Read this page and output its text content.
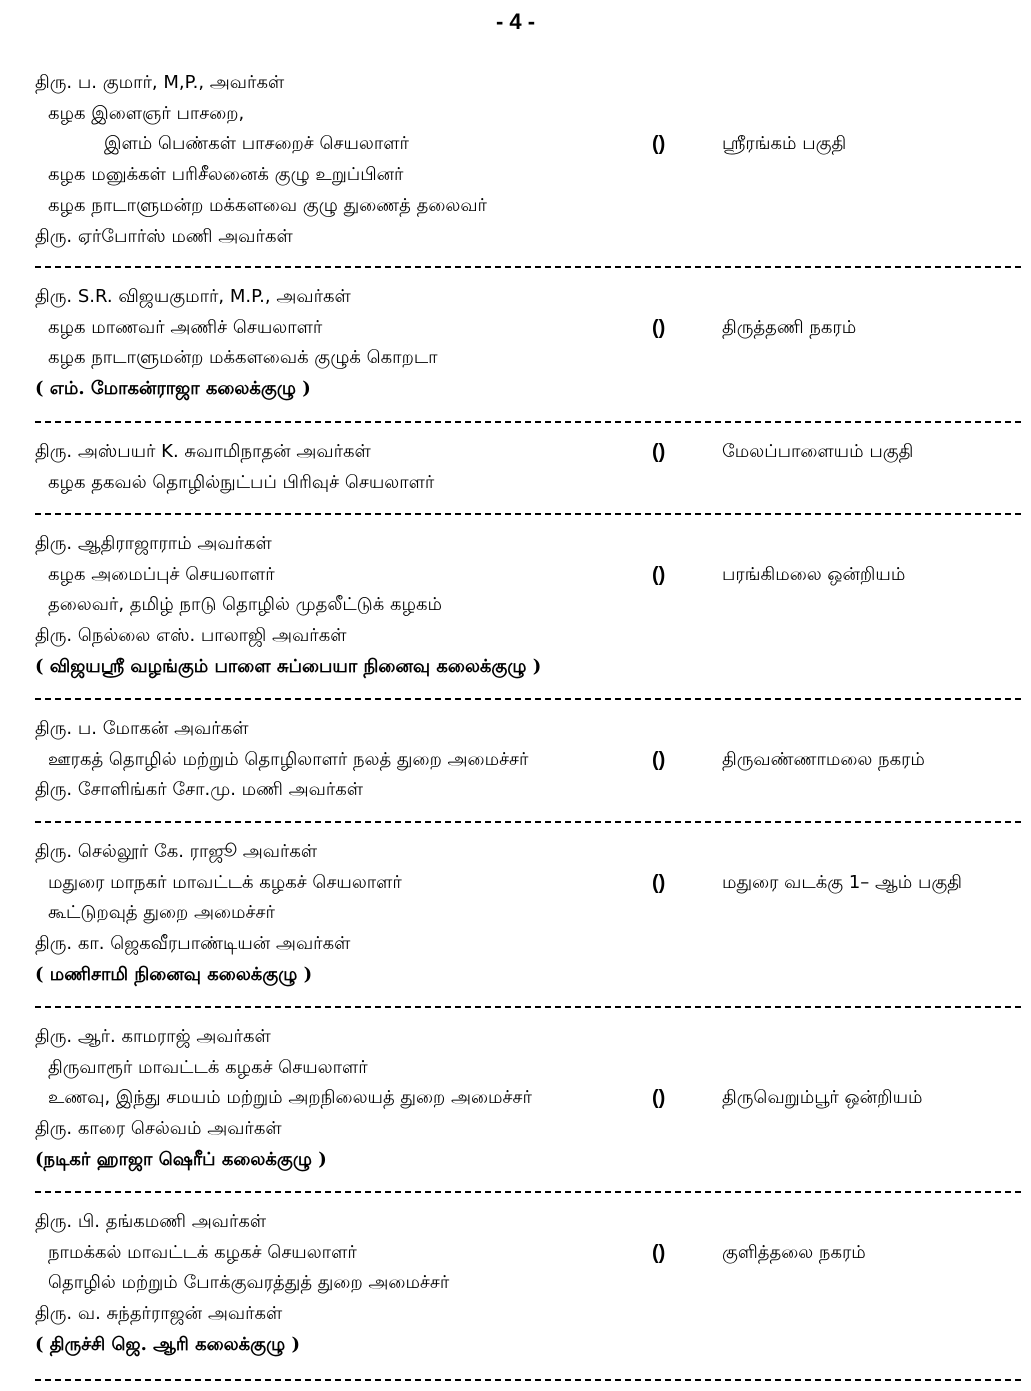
- 4 -
திரு. ப. குமார், M,P., அவர்கள்
கழக இளைஞர் பாசறை,
இளம் பெண்கள் பாசறைச் செயலாளர்
கழக மனுக்கள் பரிசீலனைக் குழு உறுப்பினர்
கழக நாடாளுமன்ற மக்களவை குழு துணைத் தலைவர்
திரு. ஏர்போர்ஸ் மணி அவர்கள்
()	ஸ்ரீரங்கம் பகுதி
திரு. S.R. விஜயகுமார், M.P., அவர்கள்
கழக மாணவர் அணிச் செயலாளர்
கழக நாடாளுமன்ற மக்களவைக் குழுக் கொறடா
( எம். மோகன்ராஜா கலைக்குழு )
()	திருத்தணி நகரம்
திரு. அஸ்பயர் K. சுவாமிநாதன் அவர்கள்
கழக தகவல் தொழில்நுட்பப் பிரிவுச் செயலாளர்
()	மேலப்பாளையம் பகுதி
திரு. ஆதிராஜாராம் அவர்கள்
கழக அமைப்புச் செயலாளர்
தலைவர், தமிழ் நாடு தொழில் முதலீட்டுக் கழகம்
திரு. நெல்லை எஸ். பாலாஜி அவர்கள்
( விஜயஸ்ரீ வழங்கும் பாளை சுப்பையா நினைவு கலைக்குழு )
()	பரங்கிமலை ஒன்றியம்
திரு. ப. மோகன் அவர்கள்
ஊரகத் தொழில் மற்றும் தொழிலாளர் நலத் துறை அமைச்சர்
திரு. சோளிங்கர் சோ.மு. மணி அவர்கள்
()	திருவண்ணாமலை நகரம்
திரு. செல்லூர் கே. ராஜூ அவர்கள்
மதுரை மாநகர் மாவட்டக் கழகச் செயலாளர்
கூட்டுறவுத் துறை அமைச்சர்
திரு. கா. ஜெகவீரபாண்டியன் அவர்கள்
( மணிசாமி நினைவு கலைக்குழு )
()	மதுரை வடக்கு 1– ஆம் பகுதி
திரு. ஆர். காமராஜ் அவர்கள்
திருவாரூர் மாவட்டக் கழகச் செயலாளர்
உணவு, இந்து சமயம் மற்றும் அறநிலையத் துறை அமைச்சர்
திரு. காரை செல்வம் அவர்கள்
(நடிகர் ஹாஜா ஷெரீப் கலைக்குழு )
()	திருவெறும்பூர் ஒன்றியம்
திரு. பி. தங்கமணி அவர்கள்
நாமக்கல் மாவட்டக் கழகச் செயலாளர்
தொழில் மற்றும் போக்குவரத்துத் துறை அமைச்சர்
திரு. வ. சுந்தர்ராஜன் அவர்கள்
( திருச்சி ஜெ. ஆரி கலைக்குழு )
()	குளித்தலை நகரம்
